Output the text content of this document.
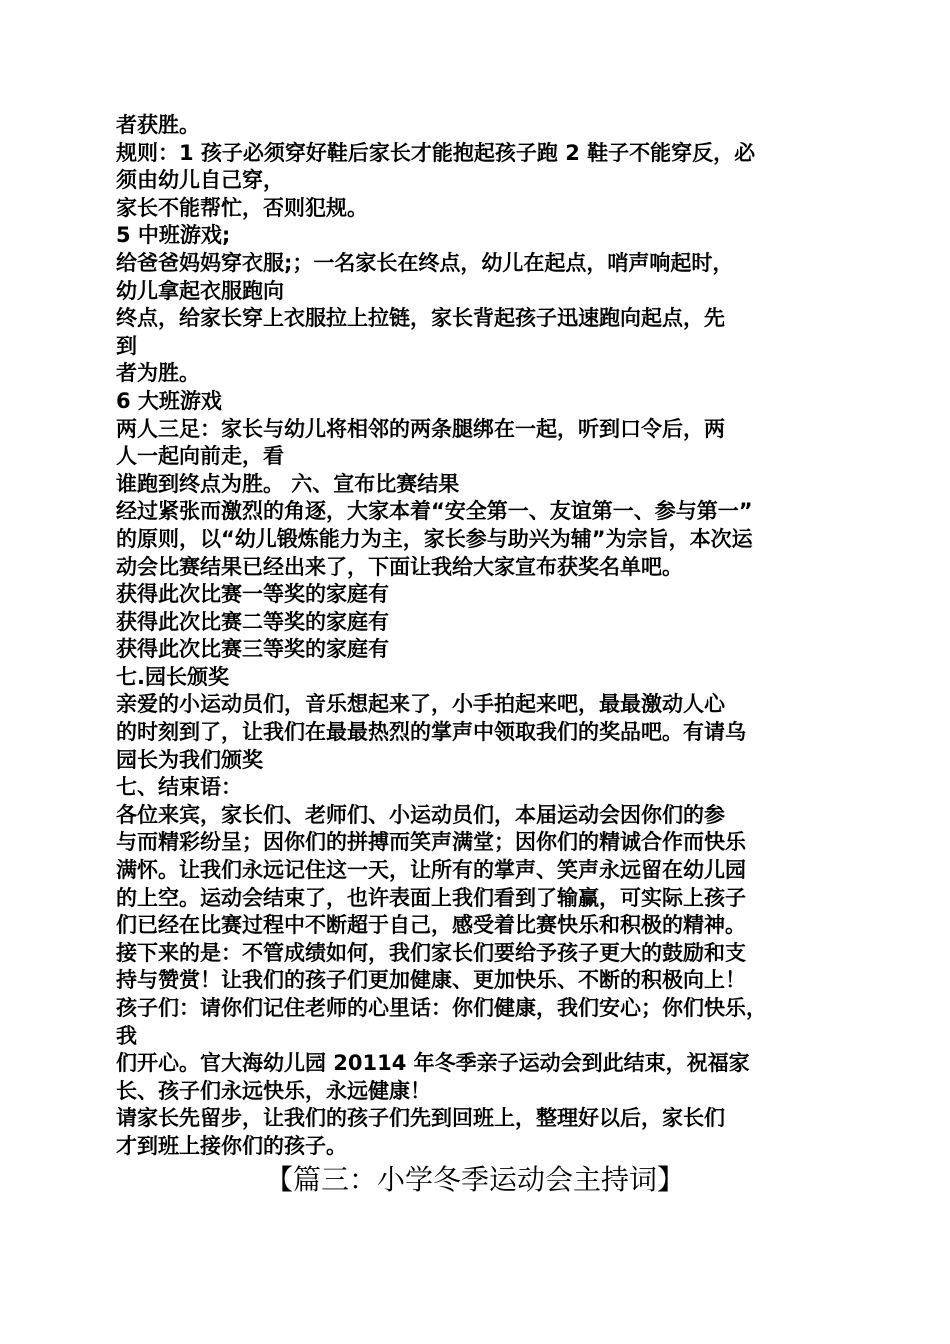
者获胜。
规则：1 孩子必须穿好鞋后家长才能抱起孩子跑 2 鞋子不能穿反，必
须由幼儿自己穿，
家长不能帮忙，否则犯规。
5 中班游戏;
给爸爸妈妈穿衣服;；一名家长在终点，幼儿在起点，哨声响起时，
幼儿拿起衣服跑向
终点，给家长穿上衣服拉上拉链，家长背起孩子迅速跑向起点，先
到
者为胜。
6 大班游戏
两人三足：家长与幼儿将相邻的两条腿绑在一起，听到口令后，两
人一起向前走，看
谁跑到终点为胜。 六、宣布比赛结果
经过紧张而激烈的角逐，大家本着“安全第一、友谊第一、参与第一”
的原则，以“幼儿锻炼能力为主，家长参与助兴为辅”为宗旨，本次运
动会比赛结果已经出来了，下面让我给大家宣布获奖名单吧。
获得此次比赛一等奖的家庭有
获得此次比赛二等奖的家庭有
获得此次比赛三等奖的家庭有
七.园长颁奖
亲爱的小运动员们，音乐想起来了，小手拍起来吧，最最激动人心
的时刻到了，让我们在最最热烈的掌声中领取我们的奖品吧。有请乌
园长为我们颁奖
七、结束语：
各位来宾，家长们、老师们、小运动员们，本届运动会因你们的参
与而精彩纷呈；因你们的拼搏而笑声满堂；因你们的精诚合作而快乐
满怀。让我们永远记住这一天，让所有的掌声、笑声永远留在幼儿园
的上空。运动会结束了，也许表面上我们看到了输赢，可实际上孩子
们已经在比赛过程中不断超于自己，感受着比赛快乐和积极的精神。
接下来的是：不管成绩如何，我们家长们要给予孩子更大的鼓励和支
持与赞赏！让我们的孩子们更加健康、更加快乐、不断的积极向上！
孩子们：请你们记住老师的心里话：你们健康，我们安心；你们快乐，
我
们开心。官大海幼儿园 20114 年冬季亲子运动会到此结束，祝福家
长、孩子们永远快乐，永远健康！
请家长先留步，让我们的孩子们先到回班上，整理好以后，家长们
才到班上接你们的孩子。
【篇三：小学冬季运动会主持词】
